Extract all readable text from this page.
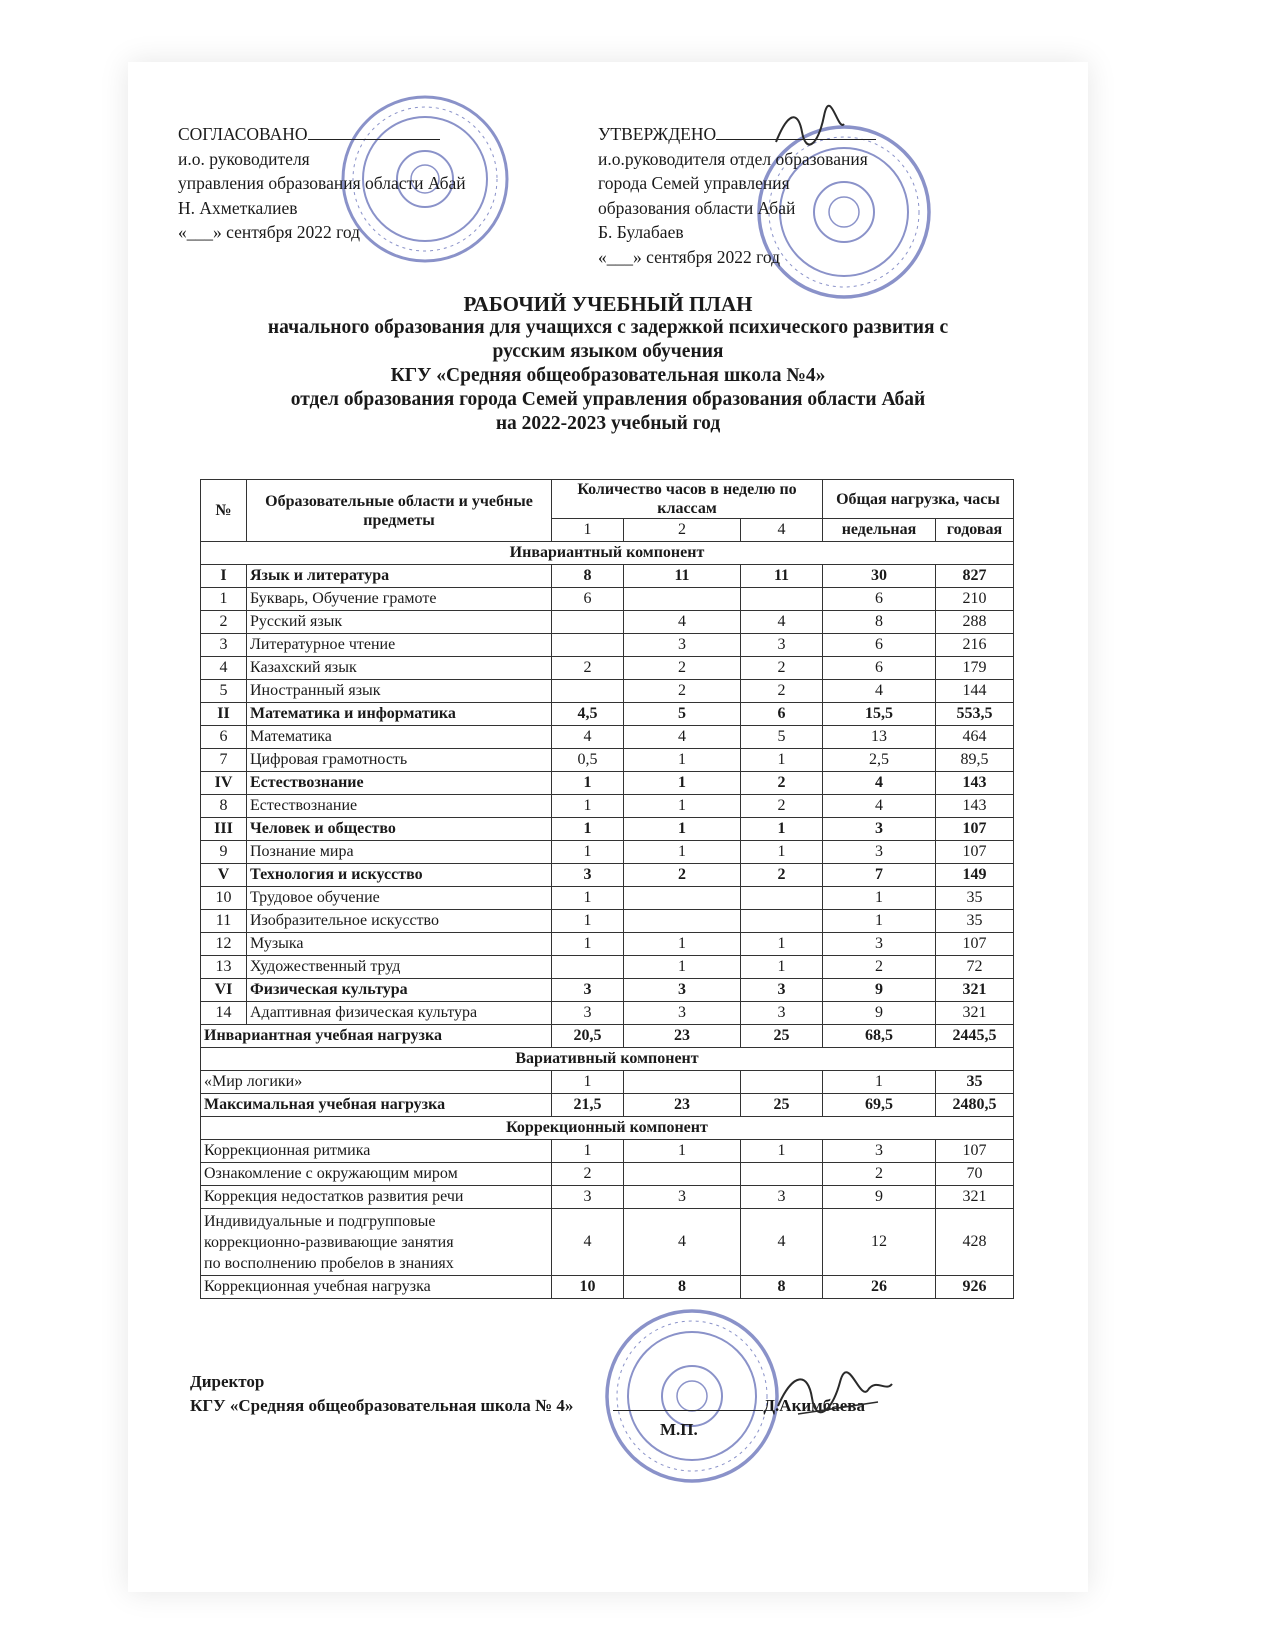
СОГЛАСОВАНО
и.о. руководителя
управления образования области Абай
Н. Ахметкалиев
«___» сентября 2022 год
УТВЕРЖДЕНО
и.о.руководителя отдел образования
города Семей управления
образования области Абай
Б. Булабаев
«___» сентября 2022 год
РАБОЧИЙ УЧЕБНЫЙ ПЛАН
начального образования для учащихся с задержкой психического развития с
русским языком обучения
КГУ «Средняя общеобразовательная школа №4»
отдел образования города Семей управления образования области Абай
на 2022-2023 учебный год
№	Образовательные области и учебные предметы	Количество часов в неделю по классам			Общая нагрузка, часы	
		1	2	4	недельная	годовая
Инвариантный компонент						
I	Язык и литература	8	11	11	30	827
1	Букварь, Обучение грамоте	6			6	210
2	Русский язык		4	4	8	288
3	Литературное чтение		3	3	6	216
4	Казахский язык	2	2	2	6	179
5	Иностранный язык		2	2	4	144
II	Математика и информатика	4,5	5	6	15,5	553,5
6	Математика	4	4	5	13	464
7	Цифровая грамотность	0,5	1	1	2,5	89,5
IV	Естествознание	1	1	2	4	143
8	Естествознание	1	1	2	4	143
III	Человек и общество	1	1	1	3	107
9	Познание мира	1	1	1	3	107
V	Технология и искусство	3	2	2	7	149
10	Трудовое обучение	1			1	35
11	Изобразительное искусство	1			1	35
12	Музыка	1	1	1	3	107
13	Художественный труд		1	1	2	72
VI	Физическая культура	3	3	3	9	321
14	Адаптивная физическая культура	3	3	3	9	321
Инвариантная учебная нагрузка		20,5	23	25	68,5	2445,5
Вариативный компонент						
«Мир логики»		1			1	35
Максимальная учебная нагрузка		21,5	23	25	69,5	2480,5
Коррекционный компонент						
Коррекционная ритмика		1	1	1	3	107
Ознакомление с окружающим миром		2			2	70
Коррекция недостатков развития речи		3	3	3	9	321

Индивидуальные и подгрупповые
коррекционно-развивающие занятия
по восполнению пробелов в знаниях		4	4	4	12	428
Коррекционная учебная нагрузка		10	8	8	26	926
Директор
КГУ «Средняя общеобразовательная школа № 4»	Д.Акимбаева
М.П.
